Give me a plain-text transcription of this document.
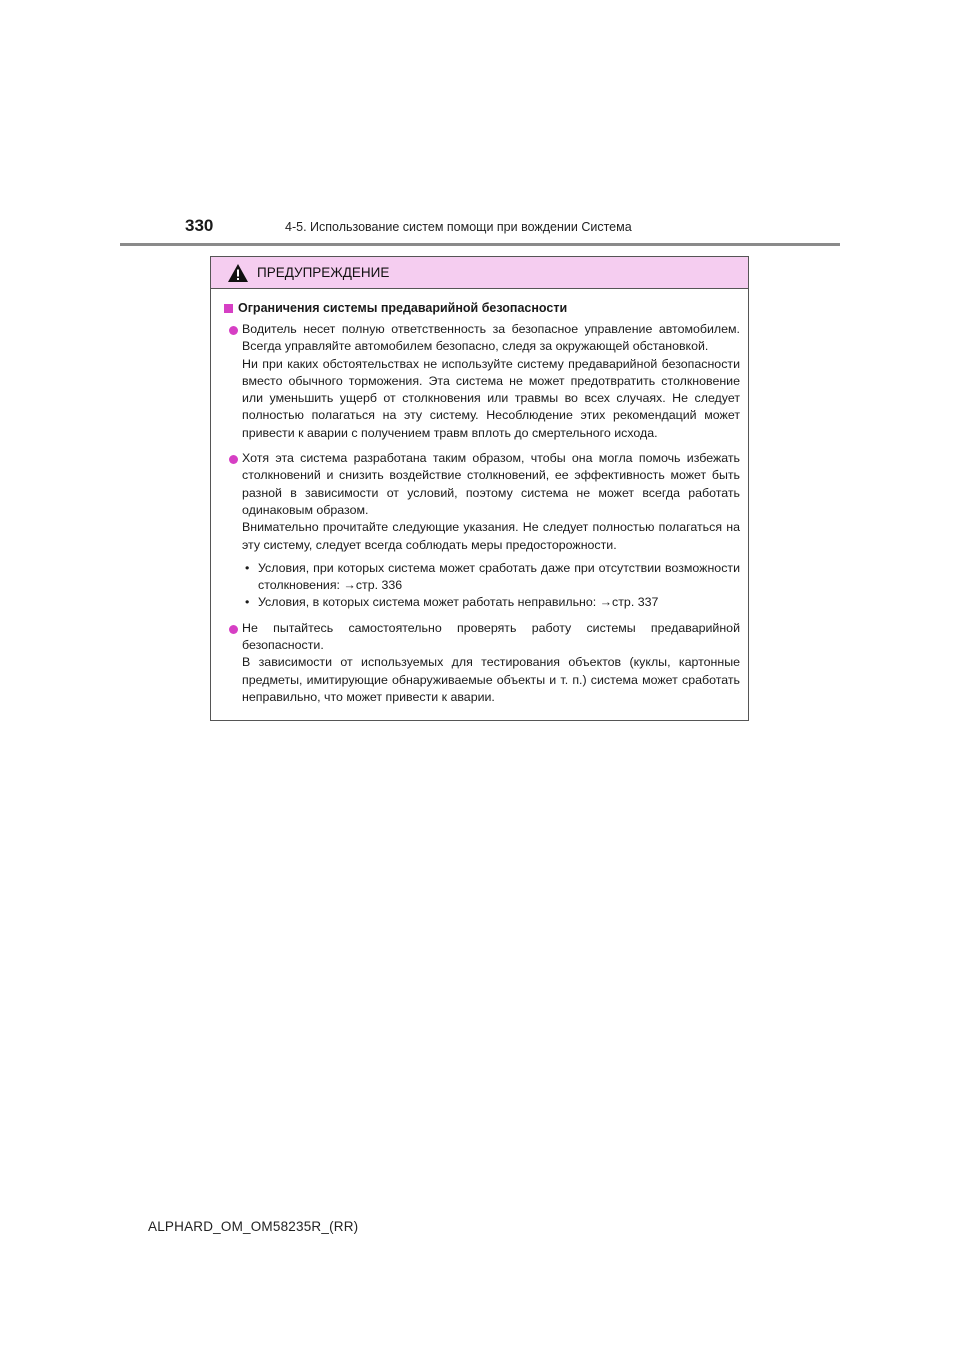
330	4-5. Использование систем помощи при вождении Система
ПРЕДУПРЕЖДЕНИЕ
Ограничения системы предаварийной безопасности

Водитель несет полную ответственность за безопасное управление автомобилем. Всегда управляйте автомобилем безопасно, следя за окружающей обстановкой.

Ни при каких обстоятельствах не используйте систему предаварийной безопасности вместо обычного торможения. Эта система не может предотвратить столкновение или уменьшить ущерб от столкновения или травмы во всех случаях. Не следует полностью полагаться на эту систему. Несоблюдение этих рекомендаций может привести к аварии с получением травм вплоть до смертельного исхода.

Хотя эта система разработана таким образом, чтобы она могла помочь избежать столкновений и снизить воздействие столкновений, ее эффективность может быть разной в зависимости от условий, поэтому система не может всегда работать одинаковым образом.

Внимательно прочитайте следующие указания. Не следует полностью полагаться на эту систему, следует всегда соблюдать меры предосторожности.

• Условия, при которых система может сработать даже при отсутствии возможности столкновения: →стр. 336
• Условия, в которых система может работать неправильно: →стр. 337

Не пытайтесь самостоятельно проверять работу системы предаварийной безопасности.

В зависимости от используемых для тестирования объектов (куклы, картонные предметы, имитирующие обнаруживаемые объекты и т. п.) система может сработать неправильно, что может привести к аварии.

ALPHARD_OM_OM58235R_(RR)
